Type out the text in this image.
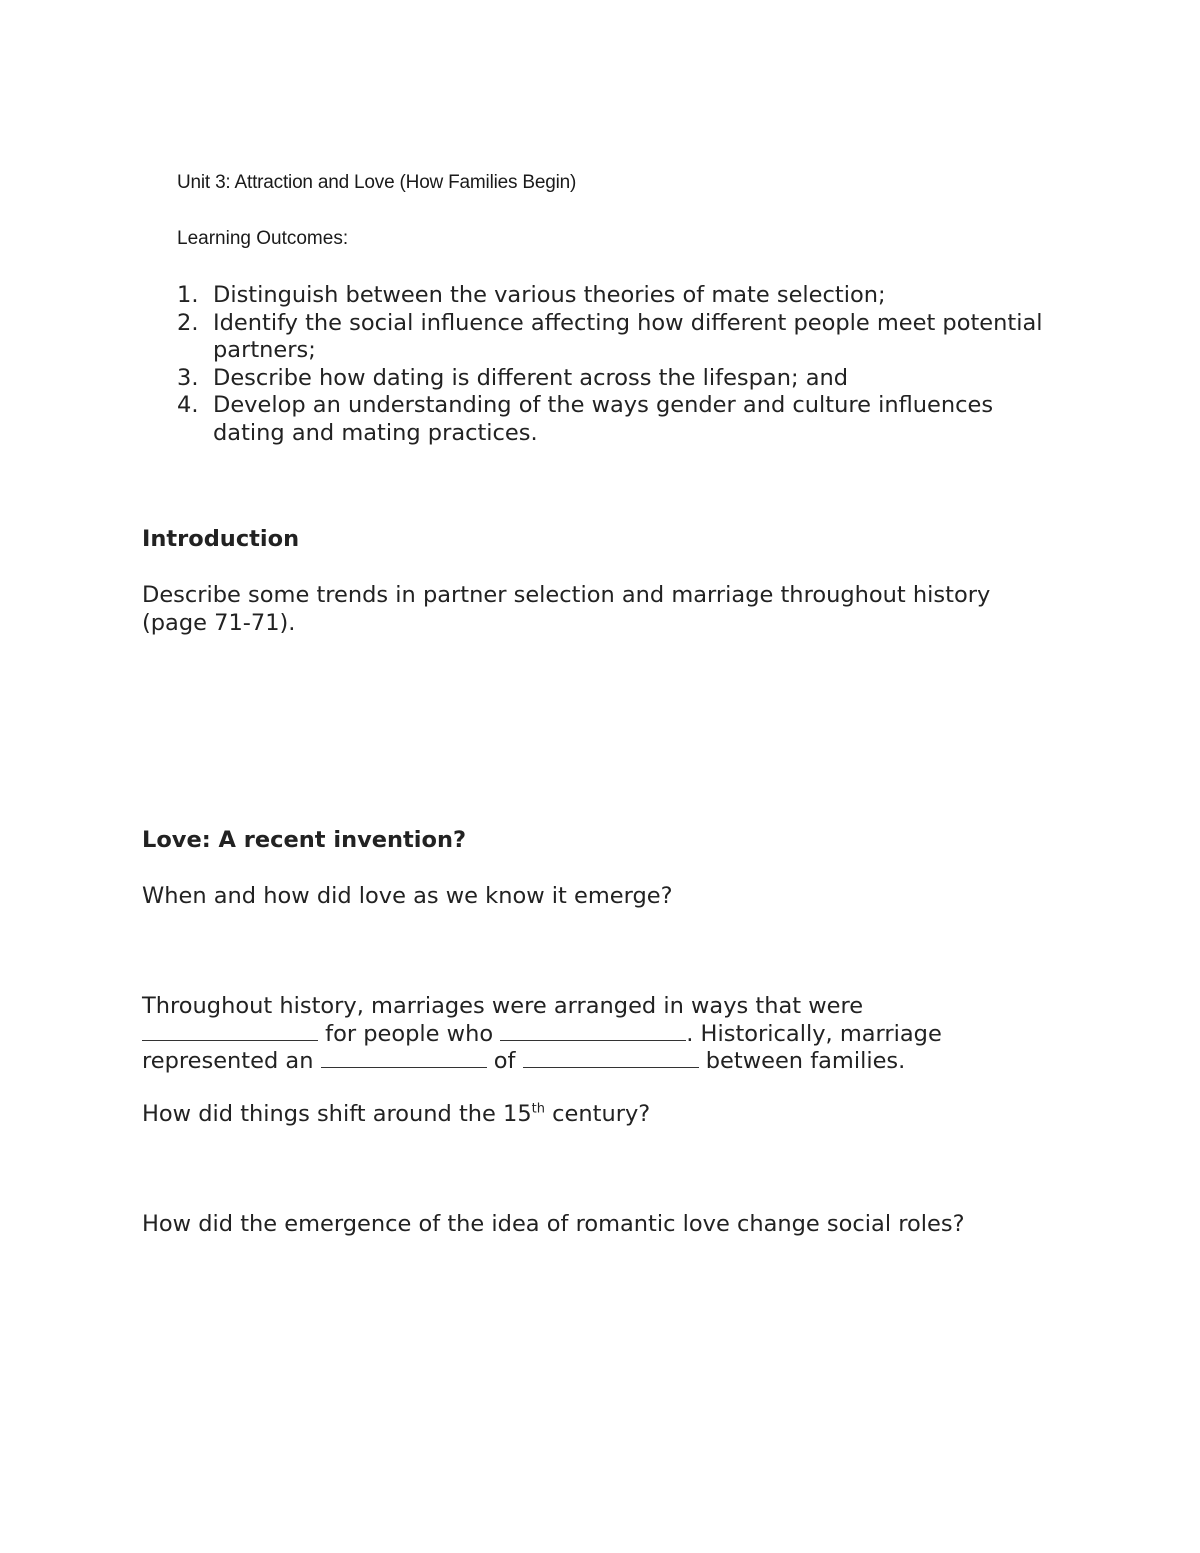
Unit 3: Attraction and Love (How Families Begin)
Learning Outcomes:
1. Distinguish between the various theories of mate selection;
2. Identify the social influence affecting how different people meet potential partners;
3. Describe how dating is different across the lifespan; and
4. Develop an understanding of the ways gender and culture influences dating and mating practices.
Introduction

Describe some trends in partner selection and marriage throughout history (page 71-71).

Love: A recent invention?

When and how did love as we know it emerge?

Throughout history, marriages were arranged in ways that were
for people who	. Historically, marriage
represented an	of	between families.

How did things shift around the 15th century?

How did the emergence of the idea of romantic love change social roles?
